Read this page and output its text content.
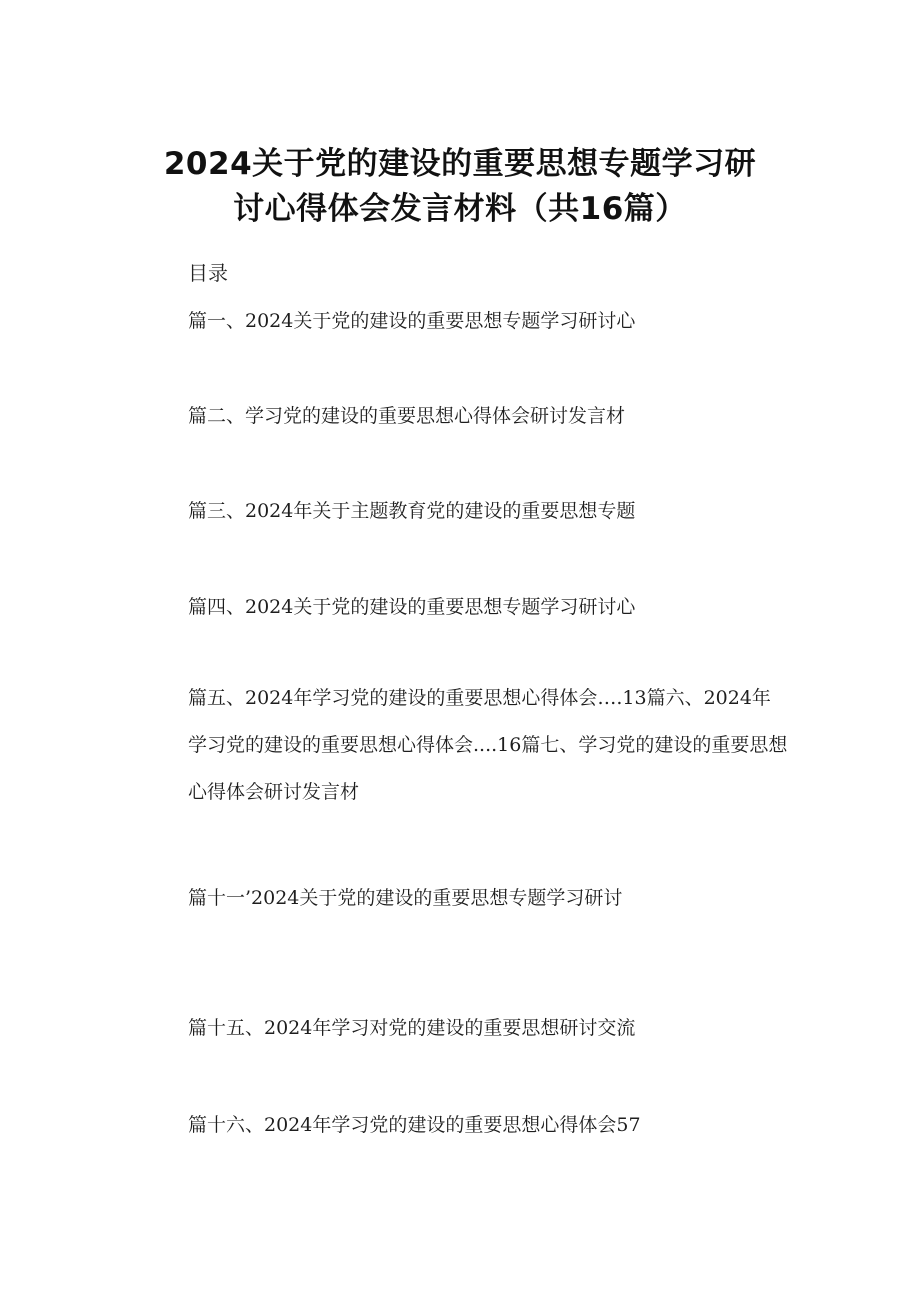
2024关于党的建设的重要思想专题学习研
讨心得体会发言材料（共16篇）
目录
篇一、2024关于党的建设的重要思想专题学习研讨心
篇二、学习党的建设的重要思想心得体会研讨发言材
篇三、2024年关于主题教育党的建设的重要思想专题
篇四、2024关于党的建设的重要思想专题学习研讨心
篇五、2024年学习党的建设的重要思想心得体会….13篇六、2024年学习党的建设的重要思想心得体会....16篇七、学习党的建设的重要思想心得体会研讨发言材
篇十一’2024关于党的建设的重要思想专题学习研讨
篇十五、2024年学习对党的建设的重要思想研讨交流
篇十六、2024年学习党的建设的重要思想心得体会57
